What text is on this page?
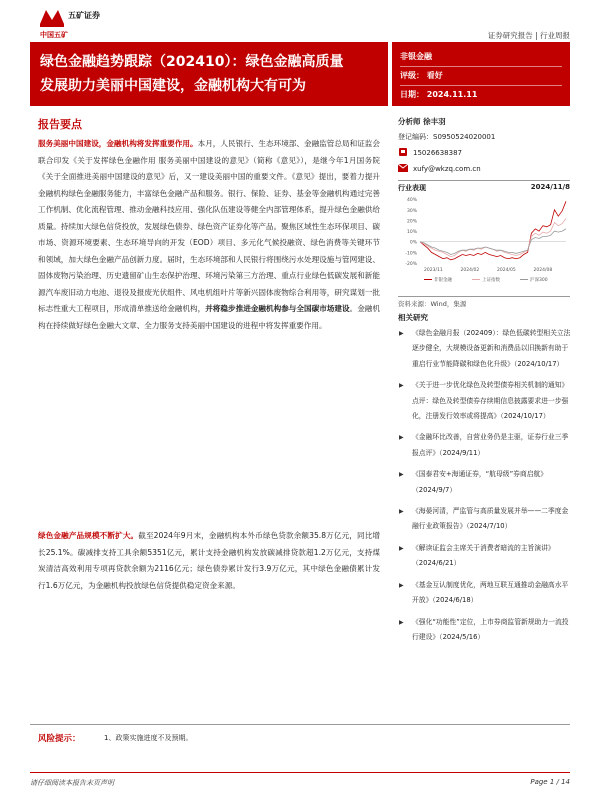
五矿证券
中国五矿	证券研究报告 | 行业周报
绿色金融趋势跟踪（202410）：绿色金融高质量
发展助力美丽中国建设，金融机构大有可为
非银金融
评级： 看好
日期： 2024.11.11
报告要点
服务美丽中国建设，金融机构将发挥重要作用。本月，人民银行、生态环境部、金融监管总局和证监会联合印发《关于发挥绿色金融作用 服务美丽中国建设的意见》（简称《意见》），是继今年1月国务院《关于全面推进美丽中国建设的意见》后，又一建设美丽中国的重要文件。《意见》提出，要着力提升金融机构绿色金融服务能力，丰富绿色金融产品和服务。银行、保险、证券、基金等金融机构通过完善工作机制、优化流程管理、推动金融科技应用、强化队伍建设等健全内部管理体系，提升绿色金融供给质量。持续加大绿色信贷投放，发展绿色债券、绿色资产证券化等产品。聚焦区域性生态环保项目、碳市场、资源环境要素、生态环境导向的开发（EOD）项目、多元化气候投融资、绿色消费等关键环节和领域，加大绿色金融产品创新力度。届时，生态环境部和人民银行将围绕污水处理设施与管网建设、固体废物污染治理、历史遗留矿山生态保护治理、环境污染第三方治理、重点行业绿色低碳发展和新能源汽车废旧动力电池、退役及报废光伏组件、风电机组叶片等新兴固体废物综合利用等，研究谋划一批标志性重大工程项目，形成清单推送给金融机构，并将稳步推进金融机构参与全国碳市场建设。金融机构在持续做好绿色金融大文章、全力服务支持美丽中国建设的进程中将发挥重要作用。
绿色金融产品规模不断扩大。截至2024年9月末，金融机构本外币绿色贷款余额35.8万亿元，同比增长25.1%。碳减排支持工具余额5351亿元，累计支持金融机构发放碳减排贷款超1.2万亿元，支持煤炭清洁高效利用专项再贷款余额为2116亿元；绿色债券累计发行3.9万亿元，其中绿色金融债累计发行1.6万亿元，为金融机构投放绿色信贷提供稳定资金来源。
分析师 徐丰羽
登记编码：S0950524020001
15026638387
xufy@wkzq.com.cn
行业表现	2024/11/8
40%
30%
20%
10%
0%
-10%
-20%
2023/11	2024/02	2024/05	2024/08
非银金融	上证指数	沪深300
资料来源：Wind，集源
相关研究
▶ 《绿色金融月报（202409）：绿色低碳转型相关立法逐步健全，大规模设备更新和消费品以旧换新有助于重启行业节能降碳和绿色化升级》（2024/10/17）
▶ 《关于进一步优化绿色及转型债券相关机制的通知》点评：绿色及转型债券存续期信息披露要求进一步强化，注册发行效率或将提高》（2024/10/17）
▶ 《金融环比改善，自营业务仍是主驱，证券行业三季报点评》（2024/9/11）
▶ 《国泰君安+海通证券，“航母级”券商启航》（2024/9/7）
▶ 《海晏河清，严监管与高质量发展并举——二季度金融行业政策报告》（2024/7/10）
▶ 《解读证监会主席关于消费者暗流的主旨演讲》（2024/6/21）
▶ 《基金互认制度优化，两地互联互通推动金融高水平开放》（2024/6/18）
▶ 《强化“功能性”定位，上市券商监管新规助力一流投行建设》（2024/5/16）
风险提示：	1、政策实施进度不及预期。
请仔细阅读本报告末页声明	Page 1 / 14
